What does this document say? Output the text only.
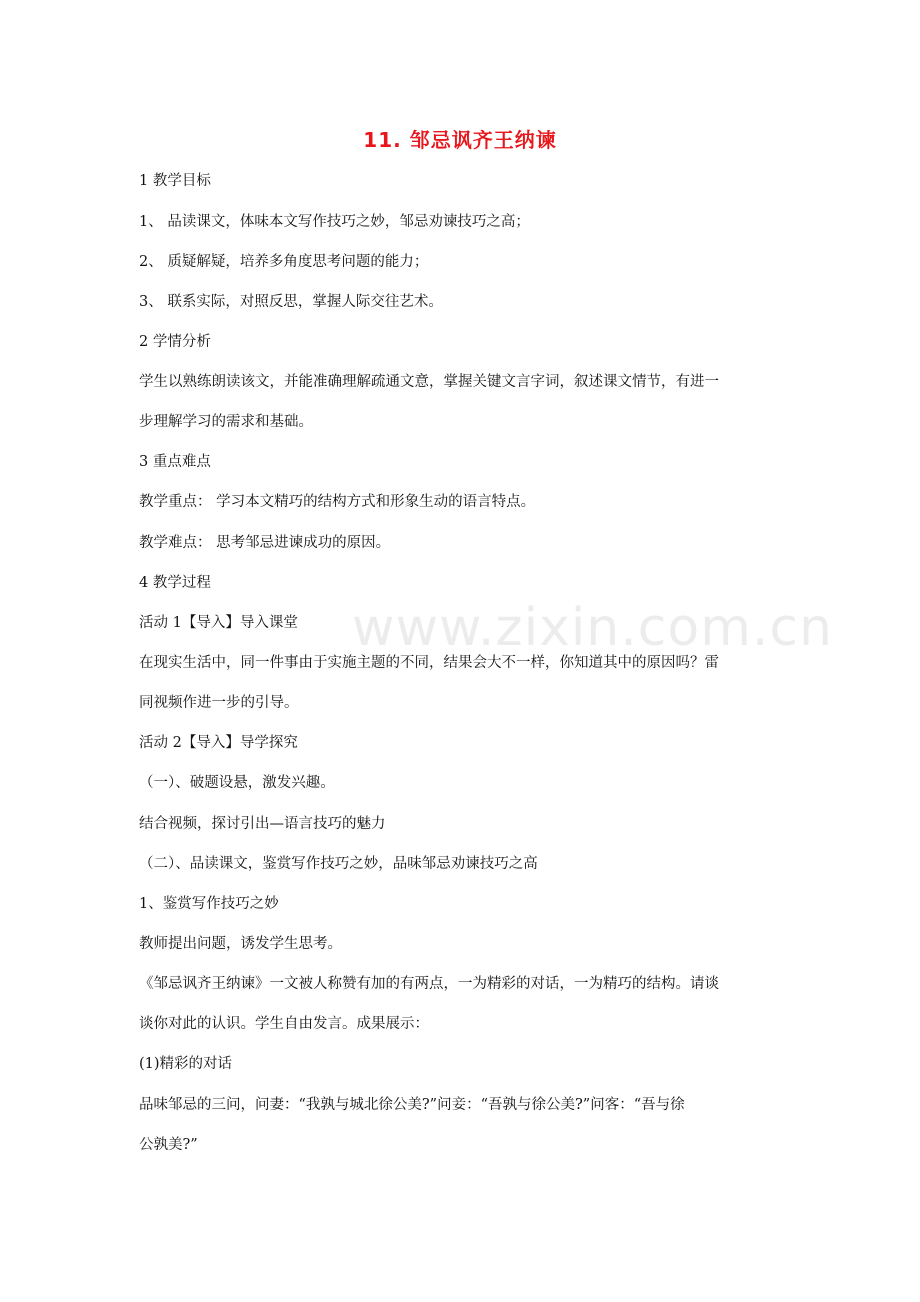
11. 邹忌讽齐王纳谏
www.zixin.com.cn
1 教学目标
1、 品读课文，体味本文写作技巧之妙，邹忌劝谏技巧之高；
2、 质疑解疑，培养多角度思考问题的能力；
3、 联系实际，对照反思，掌握人际交往艺术。
2 学情分析
学生以熟练朗读该文，并能准确理解疏通文意，掌握关键文言字词，叙述课文情节，有进一
步理解学习的需求和基础。
3 重点难点
教学重点： 学习本文精巧的结构方式和形象生动的语言特点。
教学难点： 思考邹忌进谏成功的原因。
4 教学过程
活动 1【导入】导入课堂
在现实生活中，同一件事由于实施主题的不同，结果会大不一样，你知道其中的原因吗？雷
同视频作进一步的引导。
活动 2【导入】导学探究
（一）、破题设悬，激发兴趣。
结合视频，探讨引出—语言技巧的魅力
（二）、品读课文，鉴赏写作技巧之妙，品味邹忌劝谏技巧之高
1、鉴赏写作技巧之妙
教师提出问题，诱发学生思考。
《邹忌讽齐王纳谏》一文被人称赞有加的有两点，一为精彩的对话，一为精巧的结构。请谈
谈你对此的认识。学生自由发言。成果展示：
(1)精彩的对话
品味邹忌的三问，问妻：“我孰与城北徐公美?”问妾：“吾孰与徐公美?”问客：“吾与徐
公孰美?”
